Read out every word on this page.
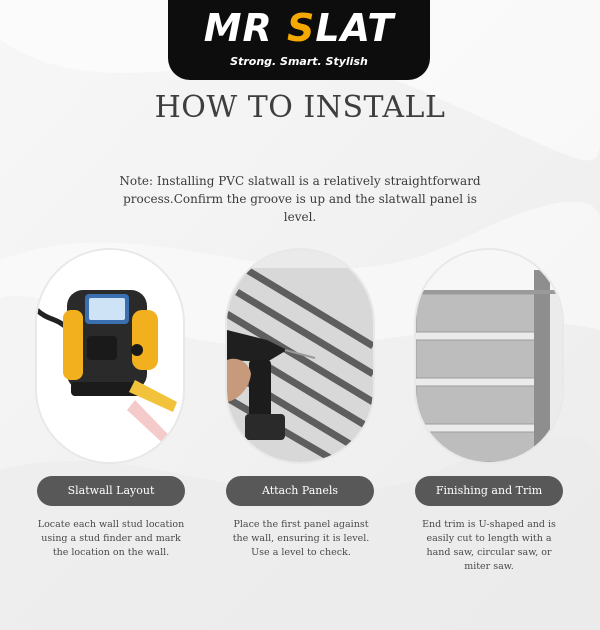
MR SLAT
Strong. Smart. Stylish
HOW TO INSTALL
Note: Installing PVC slatwall is a relatively straightforward process.Confirm the groove is up and the slatwall panel is level.
Slatwall Layout	Attach Panels	Finishing and Trim
Locate each wall stud location using a stud finder and mark the location on the wall.
Place the first panel against the wall, ensuring it is level. Use a level to check.
End trim is U-shaped and is easily cut to length with a hand saw, circular saw, or miter saw.
